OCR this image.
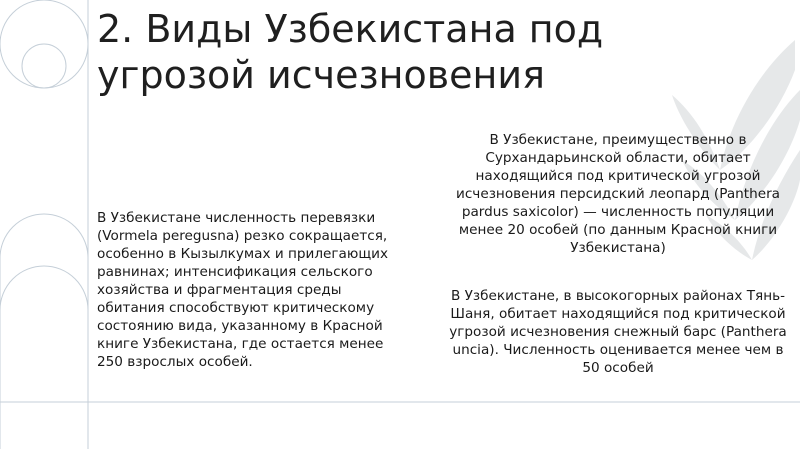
2. Виды Узбекистана под угрозой исчезновения

В Узбекистане численность перевязки (Vormela peregusna) резко сокращается, особенно в Кызылкумах и прилегающих равнинах; интенсификация сельского хозяйства и фрагментация среды обитания способствуют критическому состоянию вида, указанному в Красной книге Узбекистана, где остается менее 250 взрослых особей.

В Узбекистане, преимущественно в Сурхандарьинской области, обитает находящийся под критической угрозой исчезновения персидский леопард (Panthera pardus saxicolor) — численность популяции менее 20 особей (по данным Красной книги Узбекистана)

В Узбекистане, в высокогорных районах Тянь-Шаня, обитает находящийся под критической угрозой исчезновения снежный барс (Panthera uncia). Численность оценивается менее чем в 50 особей
